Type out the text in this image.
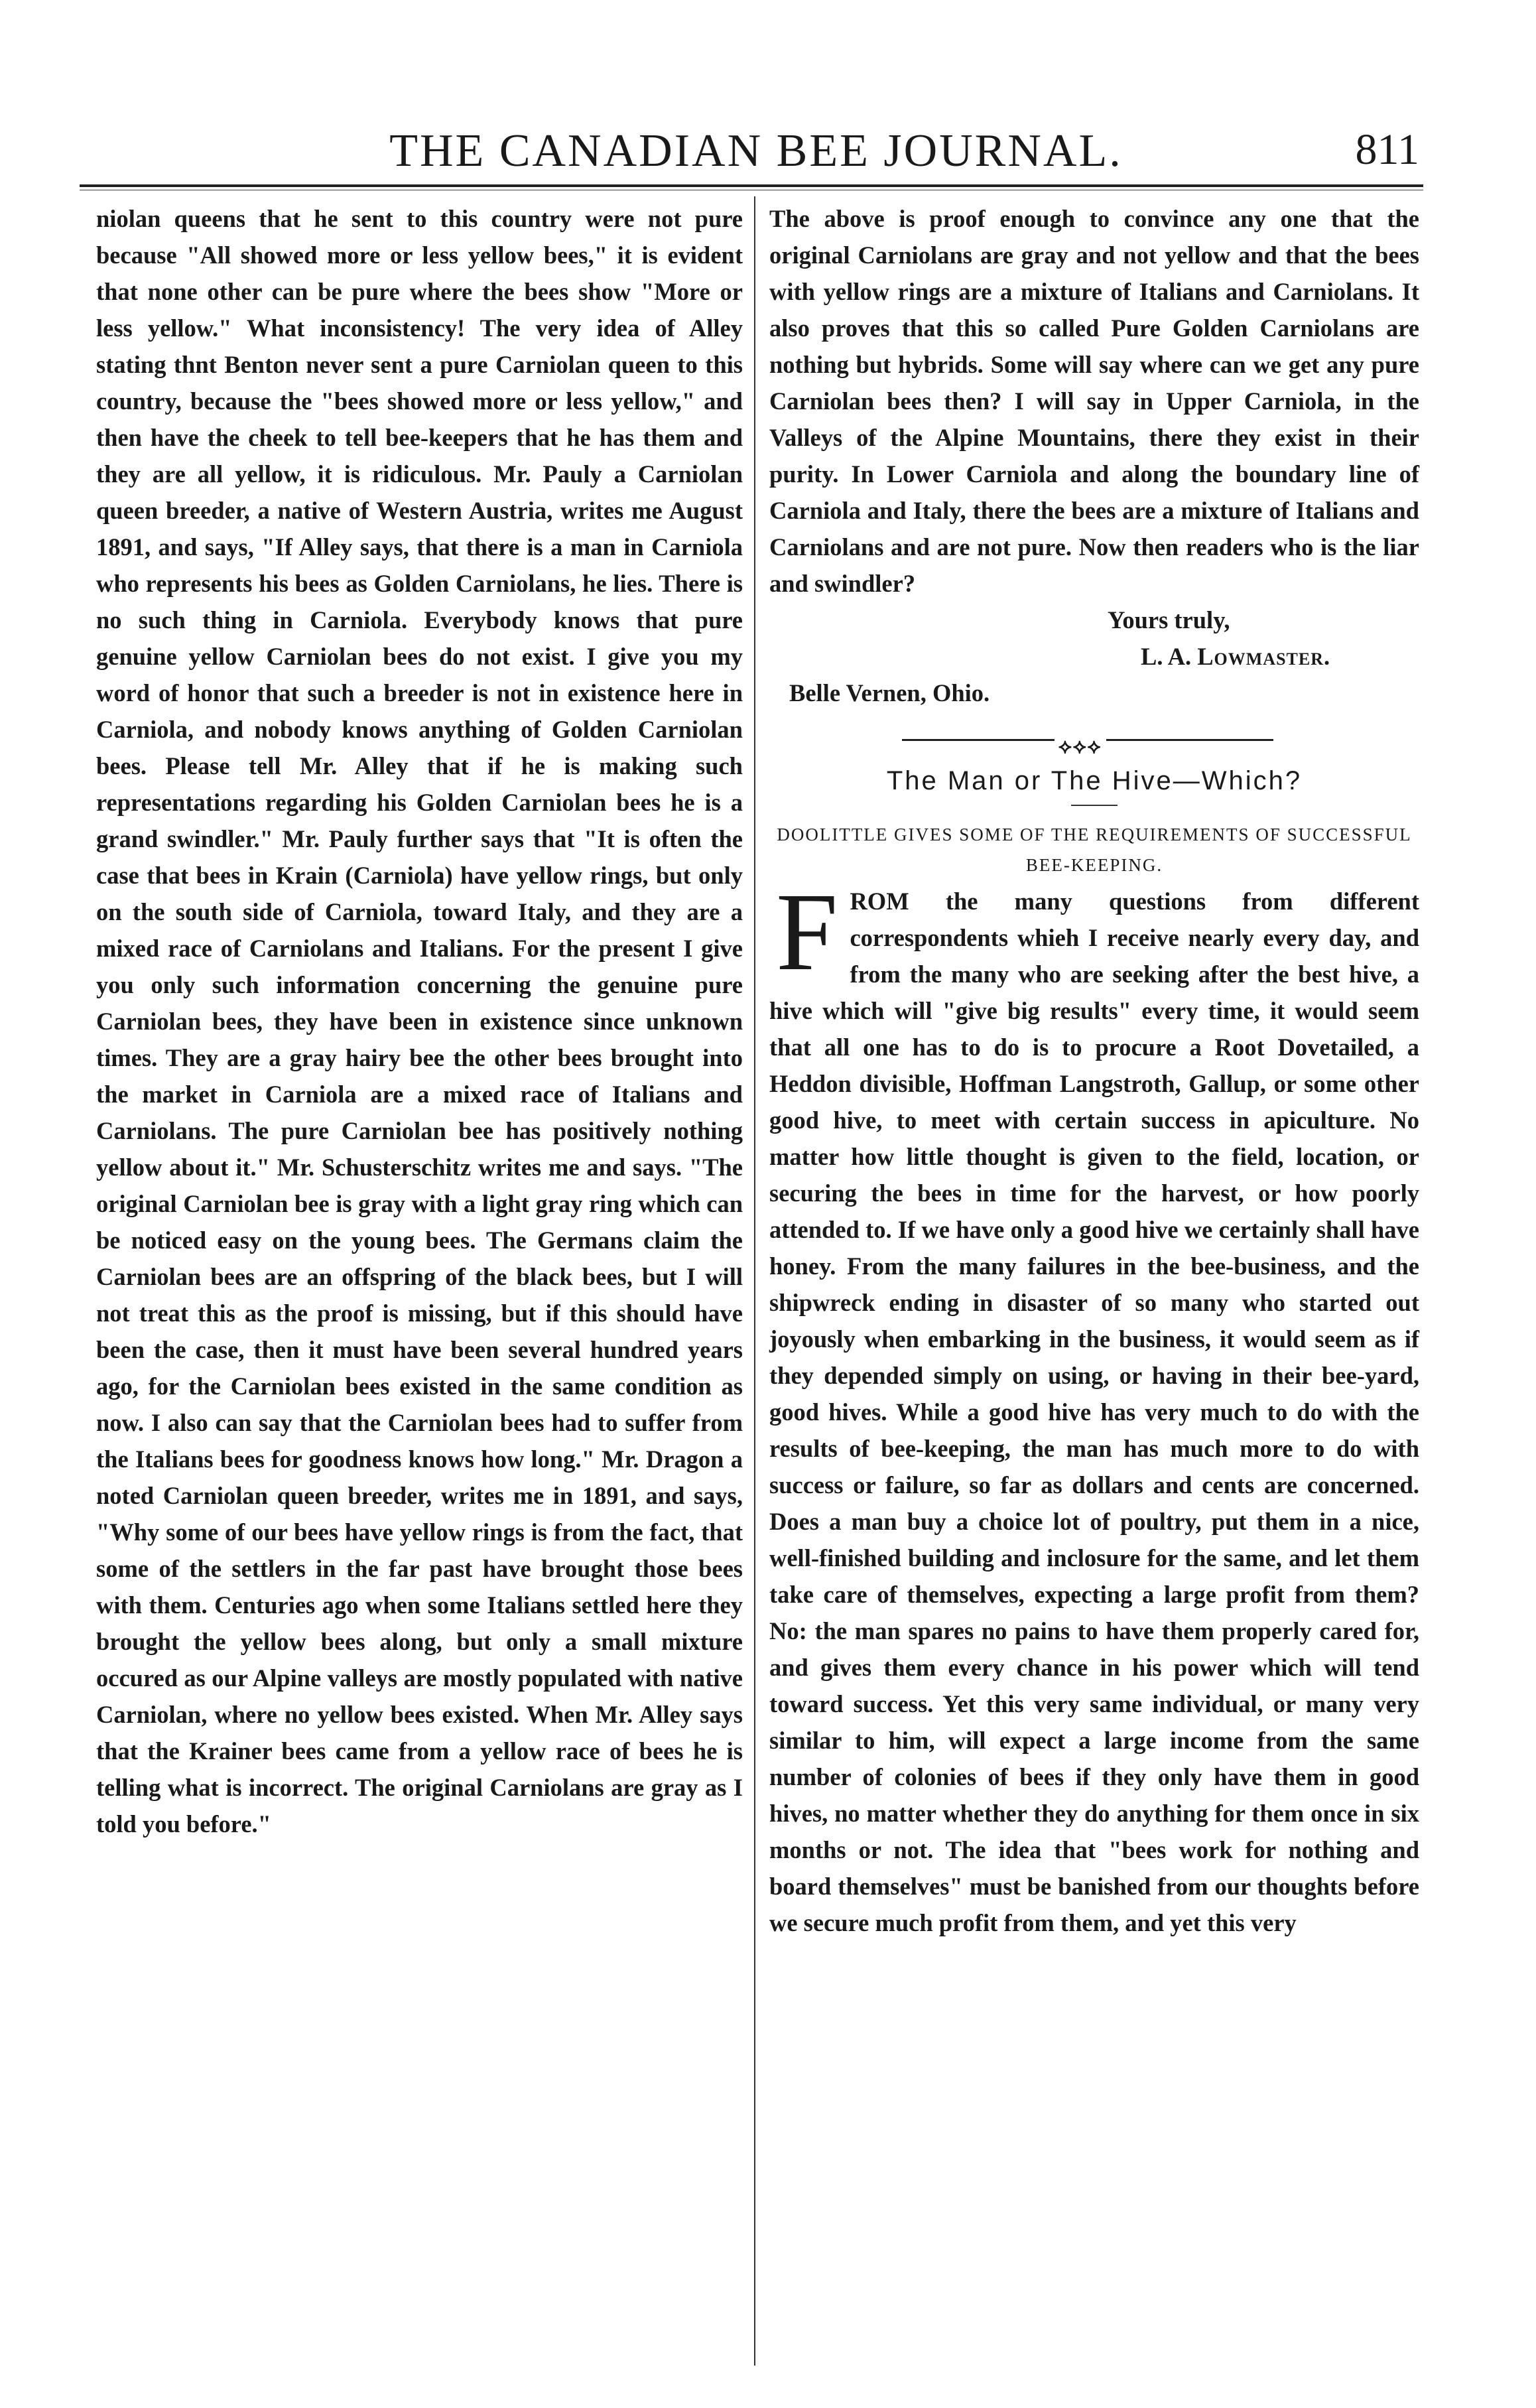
THE CANADIAN BEE JOURNAL.	811

niolan queens that he sent to this country were not pure because "All showed more or less yellow bees," it is evident that none other can be pure where the bees show "More or less yellow." What inconsistency! The very idea of Alley stating thnt Benton never sent a pure Carniolan queen to this country, because the "bees showed more or less yellow," and then have the cheek to tell bee-keepers that he has them and they are all yellow, it is ridiculous. Mr. Pauly a Carniolan queen breeder, a native of Western Austria, writes me August 1891, and says, "If Alley says, that there is a man in Carniola who represents his bees as Golden Carniolans, he lies. There is no such thing in Carniola. Everybody knows that pure genuine yellow Carniolan bees do not exist. I give you my word of honor that such a breeder is not in existence here in Carniola, and nobody knows anything of Golden Carniolan bees. Please tell Mr. Alley that if he is making such representations regarding his Golden Carniolan bees he is a grand swindler." Mr. Pauly further says that "It is often the case that bees in Krain (Carniola) have yellow rings, but only on the south side of Carniola, toward Italy, and they are a mixed race of Carniolans and Italians. For the present I give you only such information concerning the genuine pure Carniolan bees, they have been in existence since unknown times. They are a gray hairy bee the other bees brought into the market in Carniola are a mixed race of Italians and Carniolans. The pure Carniolan bee has positively nothing yellow about it." Mr. Schusterschitz writes me and says. "The original Carniolan bee is gray with a light gray ring which can be noticed easy on the young bees. The Germans claim the Carniolan bees are an offspring of the black bees, but I will not treat this as the proof is missing, but if this should have been the case, then it must have been several hundred years ago, for the Carniolan bees existed in the same condition as now. I also can say that the Carniolan bees had to suffer from the Italians bees for goodness knows how long." Mr. Dragon a noted Carniolan queen breeder, writes me in 1891, and says, "Why some of our bees have yellow rings is from the fact, that some of the settlers in the far past have brought those bees with them. Centuries ago when some Italians settled here they brought the yellow bees along, but only a small mixture occured as our Alpine valleys are mostly populated with native Carniolan, where no yellow bees existed. When Mr. Alley says that the Krainer bees came from a yellow race of bees he is telling what is incorrect. The original Carniolans are gray as I told you before."

The above is proof enough to convince any one that the original Carniolans are gray and not yellow and that the bees with yellow rings are a mixture of Italians and Carniolans. It also proves that this so called Pure Golden Carniolans are nothing but hybrids. Some will say where can we get any pure Carniolan bees then? I will say in Upper Carniola, in the Valleys of the Alpine Mountains, there they exist in their purity. In Lower Carniola and along the boundary line of Carniola and Italy, there the bees are a mixture of Italians and Carniolans and are not pure. Now then readers who is the liar and swindler?

Yours truly,
L. A. Lowmaster.

Belle Vernen, Ohio.

⟡⟡⟡
The Man or The Hive—Which?
DOOLITTLE GIVES SOME OF THE REQUIREMENTS OF SUCCESSFUL BEE-KEEPING.

FROM the many questions from different correspondents whieh I receive nearly every day, and from the many who are seeking after the best hive, a hive which will "give big results" every time, it would seem that all one has to do is to procure a Root Dovetailed, a Heddon divisible, Hoffman Langstroth, Gallup, or some other good hive, to meet with certain success in apiculture. No matter how little thought is given to the field, location, or securing the bees in time for the harvest, or how poorly attended to. If we have only a good hive we certainly shall have honey. From the many failures in the bee-business, and the shipwreck ending in disaster of so many who started out joyously when embarking in the business, it would seem as if they depended simply on using, or having in their bee-yard, good hives. While a good hive has very much to do with the results of bee-keeping, the man has much more to do with success or failure, so far as dollars and cents are concerned. Does a man buy a choice lot of poultry, put them in a nice, well-finished building and inclosure for the same, and let them take care of themselves, expecting a large profit from them? No: the man spares no pains to have them properly cared for, and gives them every chance in his power which will tend toward success. Yet this very same individual, or many very similar to him, will expect a large income from the same number of colonies of bees if they only have them in good hives, no matter whether they do anything for them once in six months or not. The idea that "bees work for nothing and board themselves" must be banished from our thoughts before we secure much profit from them, and yet this very
